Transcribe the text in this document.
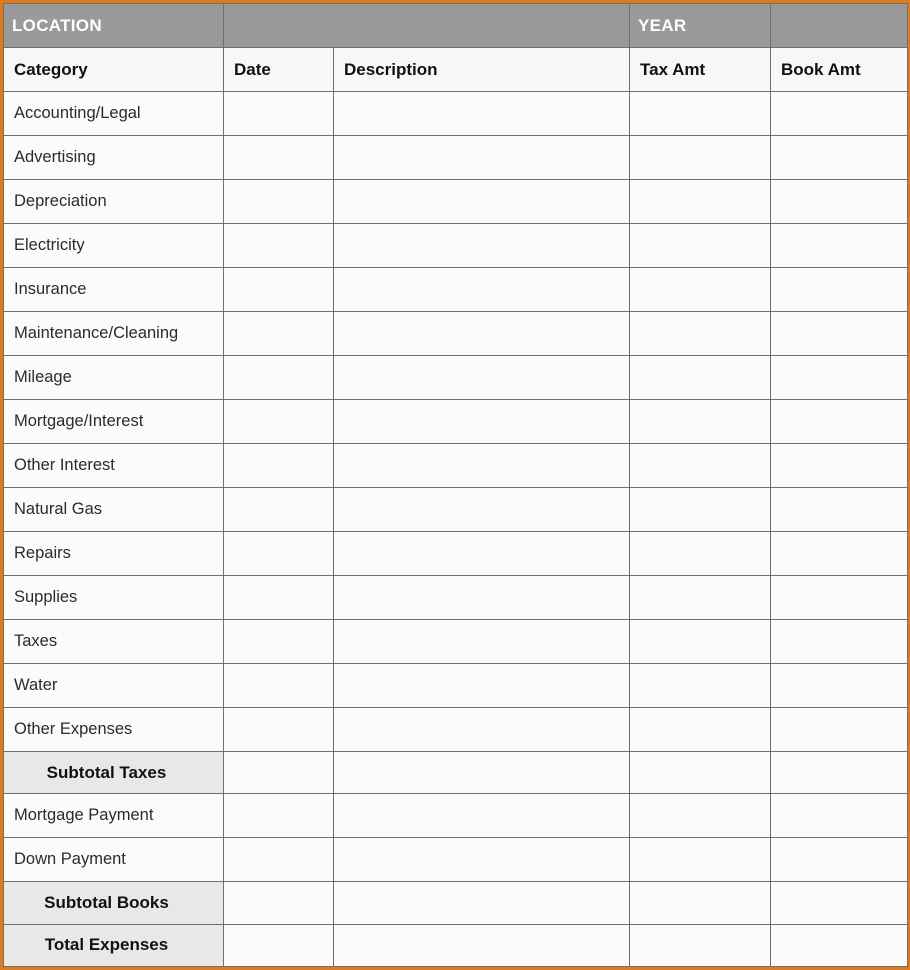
LOCATION			YEAR	
Category	Date	Description	Tax Amt	Book Amt
Accounting/Legal				
Advertising				
Depreciation				
Electricity				
Insurance				
Maintenance/Cleaning				
Mileage				
Mortgage/Interest				
Other Interest				
Natural Gas				
Repairs				
Supplies				
Taxes				
Water				
Other Expenses				
Subtotal Taxes				
Mortgage Payment				
Down Payment				
Subtotal Books				
Total Expenses				
